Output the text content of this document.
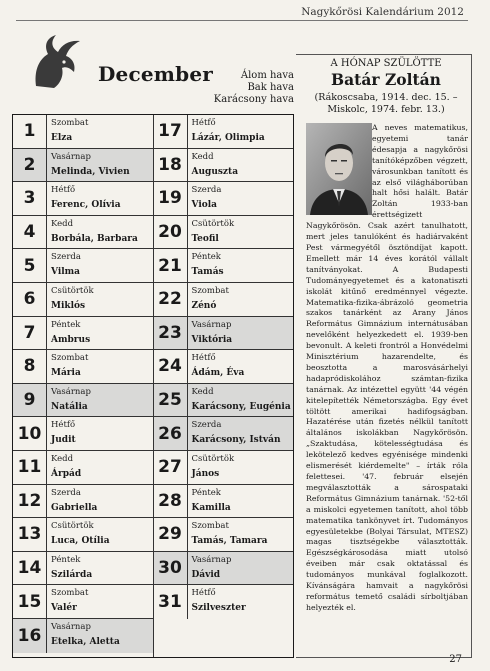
Nagykőrösi Kalendárium 2012
December	Álom hava
Bak hava
Karácsony hava
1	Szombat
Elza
2	Vasárnap
Melinda, Vivien
3	Hétfő
Ferenc, Olívia
4	Kedd
Borbála, Barbara
5	Szerda
Vilma
6	Csütörtök
Miklós
7	Péntek
Ambrus
8	Szombat
Mária
9	Vasárnap
Natália
10	Hétfő
Judit
11	Kedd
Árpád
12	Szerda
Gabriella
13	Csütörtök
Luca, Otília
14	Péntek
Szilárda
15	Szombat
Valér
16	Vasárnap
Etelka, Aletta
17	Hétfő
Lázár, Olimpia
18	Kedd
Auguszta
19	Szerda
Viola
20	Csütörtök
Teofil
21	Péntek
Tamás
22	Szombat
Zénó
23	Vasárnap
Viktória
24	Hétfő
Ádám, Éva
25	Kedd
Karácsony, Eugénia
26	Szerda
Karácsony, István
27	Csütörtök
János
28	Péntek
Kamilla
29	Szombat
Tamás, Tamara
30	Vasárnap
Dávid
31	Hétfő
Szilveszter
A HÓNAP SZÜLÖTTE
Batár Zoltán
(Rákoscsaba, 1914. dec. 15. – Miskolc, 1974. febr. 13.)
A neves matematikus, egyetemi tanár édesapja a nagykőrösi tanítóképzőben végzett, városunkban tanított és az első világháborúban halt hősi halált. Batár Zoltán 1933-ban érettségizett Nagykőrösön. Csak azért tanulhatott, mert jeles tanulóként és hadiárvaként Pest vármegyétől ösztöndíjat kapott. Emellett már 14 éves korától vállalt tanítványokat. A Budapesti Tudományegyetemet és a katonatiszti iskolát kitűnő eredménnyel végezte. Matematika-fizika-ábrázoló geometria szakos tanárként az Arany János Református Gimnázium internátusában nevelőként helyezkedett el. 1939-ben bevonult. A keleti frontról a Honvédelmi Minisztérium hazarendelte, és beosztotta a marosvásárhelyi hadapródiskolához számtan-fizika tanárnak. Az intézettel együtt '44 végén kitelepítették Németországba. Egy évet töltött amerikai hadifogságban. Hazatérése után fizetés nélkül tanított általános iskolákban Nagykőrösön. „Szaktudása, kötelességtudása és lekötelező kedves egyénisége mindenki elismerését kiérdemelte" – írták róla felettesei. '47. február elsején megválasztották a sárospataki Református Gimnázium tanárnak. '52-től a miskolci egyetemen tanított, ahol több matematika tankönyvet írt. Tudományos egyesületekbe (Bolyai Társulat, MTESZ) magas tisztségekbe választották. Egészségkárosodása miatt utolsó éveiben már csak oktatással és tudományos munkával foglalkozott. Kívánságára hamvait a nagykőrösi református temető családi sírboltjában helyezték el.
27
